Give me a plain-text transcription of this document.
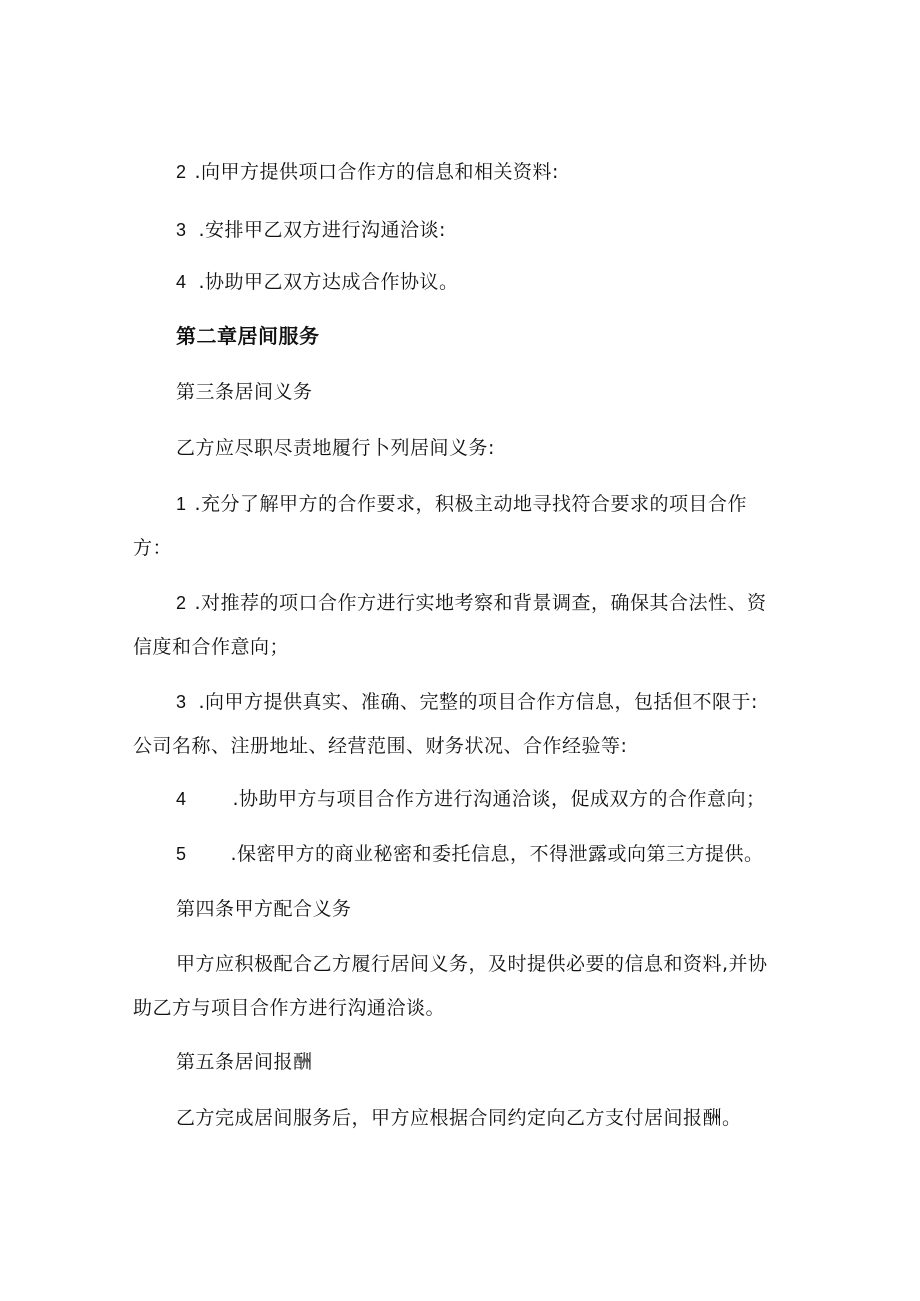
2 .向甲方提供项口合作方的信息和相关资料:
3 .安排甲乙双方进行沟通洽谈:
4 .协助甲乙双方达成合作协议。
第二章居间服务
第三条居间义务
乙方应尽职尽责地履行卜列居间义务:
1 .充分了解甲方的合作要求，积极主动地寻找符合要求的项目合作
方：
2 .对推荐的项口合作方进行实地考察和背景调查，确保其合法性、资
信度和合作意向；
3 .向甲方提供真实、准确、完整的项目合作方信息，包括但不限于:
公司名称、注册地址、经营范围、财务状况、合作经验等:
4 .协助甲方与项目合作方进行沟通洽谈，促成双方的合作意向；
5 .保密甲方的商业秘密和委托信息，不得泄露或向第三方提供。
第四条甲方配合义务
甲方应积极配合乙方履行居间义务，及时提供必要的信息和资料,并协
助乙方与项目合作方进行沟通洽谈。
第五条居间报酬
乙方完成居间服务后，甲方应根据合同约定向乙方支付居间报酬。
